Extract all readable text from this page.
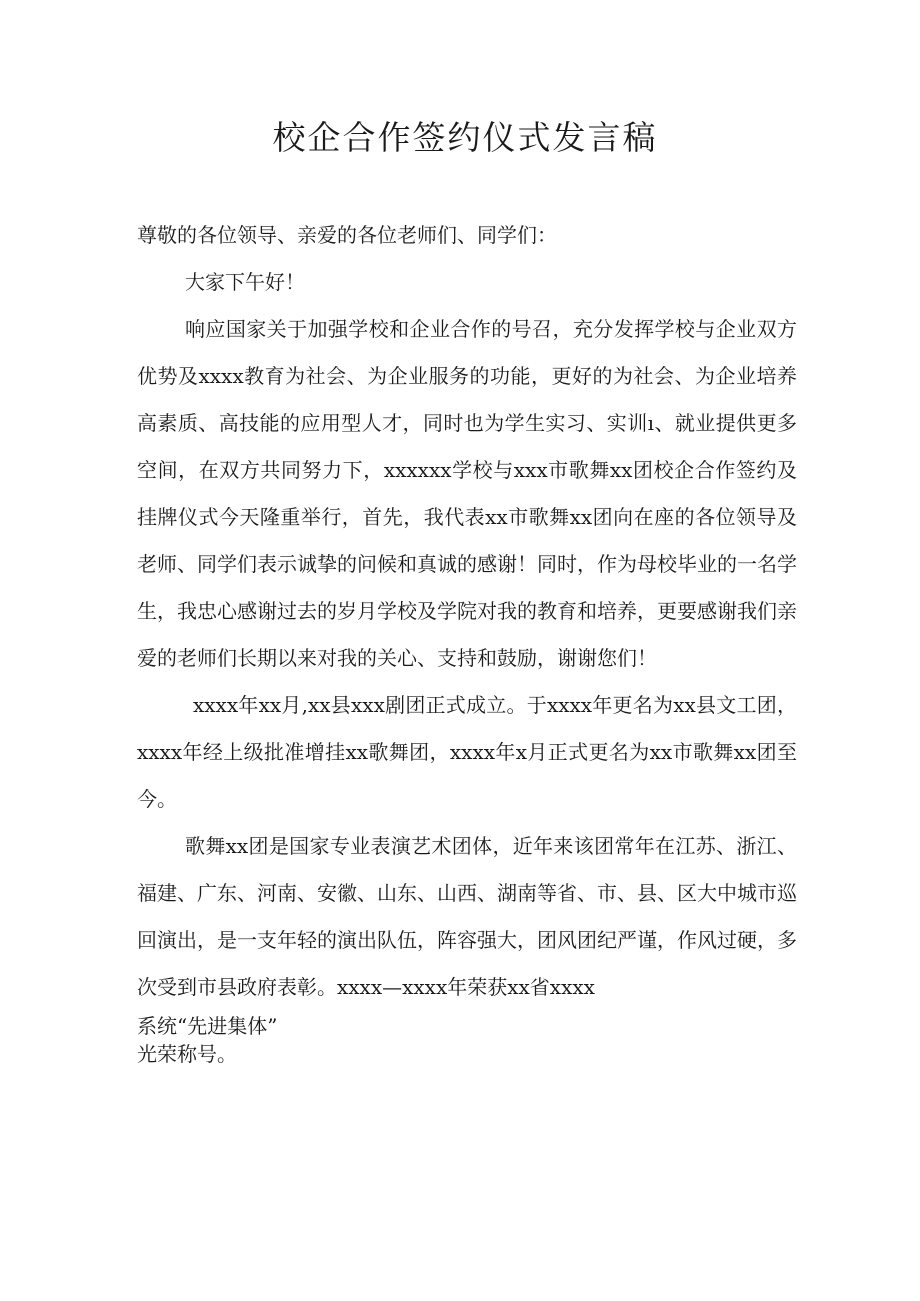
校企合作签约仪式发言稿

尊敬的各位领导、亲爱的各位老师们、同学们：

大家下午好！

响应国家关于加强学校和企业合作的号召，充分发挥学校与企业双方优势及xxxx教育为社会、为企业服务的功能，更好的为社会、为企业培养高素质、高技能的应用型人才，同时也为学生实习、实训ı、就业提供更多空间，在双方共同努力下，xxxxxx学校与xxx市歌舞xx团校企合作签约及挂牌仪式今天隆重举行，首先，我代表xx市歌舞xx团向在座的各位领导及老师、同学们表示诚挚的问候和真诚的感谢！同时，作为母校毕业的一名学生，我忠心感谢过去的岁月学校及学院对我的教育和培养，更要感谢我们亲爱的老师们长期以来对我的关心、支持和鼓励，谢谢您们！

xxxx年xx月,xx县xxx剧团正式成立。于xxxx年更名为xx县文工团，xxxx年经上级批准增挂xx歌舞团，xxxx年x月正式更名为xx市歌舞xx团至今。

歌舞xx团是国家专业表演艺术团体，近年来该团常年在江苏、浙江、福建、广东、河南、安徽、山东、山西、湖南等省、市、县、区大中城市巡回演出，是一支年轻的演出队伍，阵容强大，团风团纪严谨，作风过硬，多次受到市县政府表彰。xxxx—xxxx年荣获xx省xxxx

系统“先进集体”

光荣称号。
